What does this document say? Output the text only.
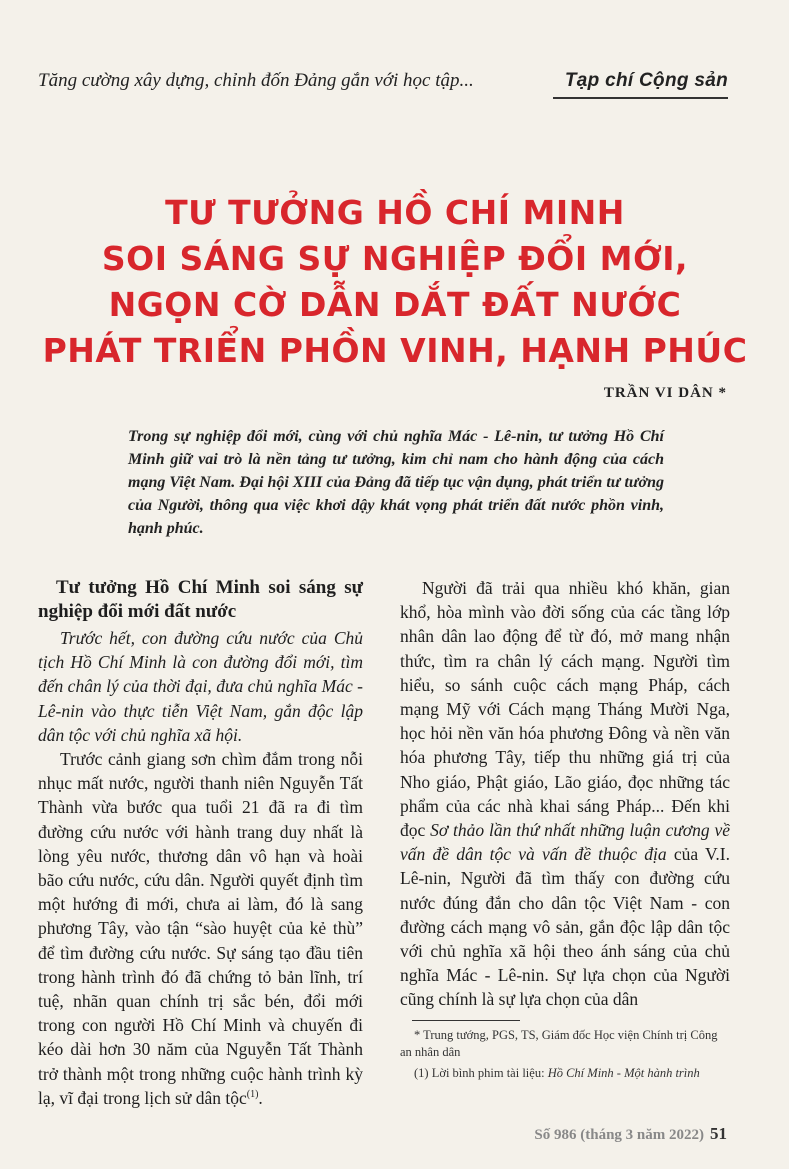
Tăng cường xây dựng, chỉnh đốn Đảng gắn với học tập...	Tạp chí Cộng sản
TƯ TƯỞNG HỒ CHÍ MINH
SOI SÁNG SỰ NGHIỆP ĐỔI MỚI,
NGỌN CỜ DẪN DẮT ĐẤT NƯỚC
PHÁT TRIỂN PHỒN VINH, HẠNH PHÚC
TRẦN VI DÂN *
Trong sự nghiệp đổi mới, cùng với chủ nghĩa Mác - Lê-nin, tư tưởng Hồ Chí Minh giữ vai trò là nền tảng tư tưởng, kim chỉ nam cho hành động của cách mạng Việt Nam. Đại hội XIII của Đảng đã tiếp tục vận dụng, phát triển tư tưởng của Người, thông qua việc khơi dậy khát vọng phát triển đất nước phồn vinh, hạnh phúc.
Tư tưởng Hồ Chí Minh soi sáng sự nghiệp đổi mới đất nước

Trước hết, con đường cứu nước của Chủ tịch Hồ Chí Minh là con đường đổi mới, tìm đến chân lý của thời đại, đưa chủ nghĩa Mác - Lê-nin vào thực tiễn Việt Nam, gắn độc lập dân tộc với chủ nghĩa xã hội.

Trước cảnh giang sơn chìm đắm trong nỗi nhục mất nước, người thanh niên Nguyễn Tất Thành vừa bước qua tuổi 21 đã ra đi tìm đường cứu nước với hành trang duy nhất là lòng yêu nước, thương dân vô hạn và hoài bão cứu nước, cứu dân. Người quyết định tìm một hướng đi mới, chưa ai làm, đó là sang phương Tây, vào tận “sào huyệt của kẻ thù” để tìm đường cứu nước. Sự sáng tạo đầu tiên trong hành trình đó đã chứng tỏ bản lĩnh, trí tuệ, nhãn quan chính trị sắc bén, đổi mới trong con người Hồ Chí Minh và chuyến đi kéo dài hơn 30 năm của Nguyễn Tất Thành trở thành một trong những cuộc hành trình kỳ lạ, vĩ đại trong lịch sử dân tộc$^{(1)}$.

Người đã trải qua nhiều khó khăn, gian khổ, hòa mình vào đời sống của các tầng lớp nhân dân lao động để từ đó, mở mang nhận thức, tìm ra chân lý cách mạng. Người tìm hiểu, so sánh cuộc cách mạng Pháp, cách mạng Mỹ với Cách mạng Tháng Mười Nga, học hỏi nền văn hóa phương Đông và nền văn hóa phương Tây, tiếp thu những giá trị của Nho giáo, Phật giáo, Lão giáo, đọc những tác phẩm của các nhà khai sáng Pháp... Đến khi đọc Sơ thảo lần thứ nhất những luận cương về vấn đề dân tộc và vấn đề thuộc địa của V.I. Lê-nin, Người đã tìm thấy con đường cứu nước đúng đắn cho dân tộc Việt Nam - con đường cách mạng vô sản, gắn độc lập dân tộc với chủ nghĩa xã hội theo ánh sáng của chủ nghĩa Mác - Lê-nin. Sự lựa chọn của Người cũng chính là sự lựa chọn của dân

* Trung tướng, PGS, TS, Giám đốc Học viện Chính trị Công an nhân dân

(1) Lời bình phim tài liệu: Hồ Chí Minh - Một hành trình

Số 986 (tháng 3 năm 2022) 51
